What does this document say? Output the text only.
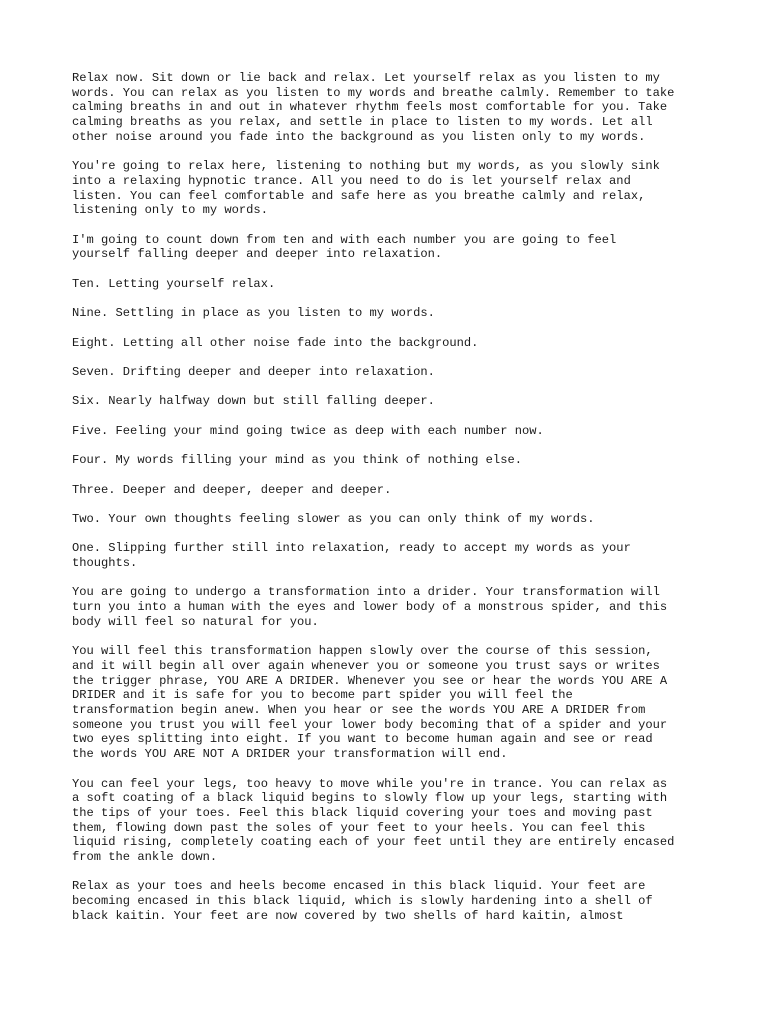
Relax now. Sit down or lie back and relax. Let yourself relax as you listen to my
words. You can relax as you listen to my words and breathe calmly. Remember to take
calming breaths in and out in whatever rhythm feels most comfortable for you. Take
calming breaths as you relax, and settle in place to listen to my words. Let all
other noise around you fade into the background as you listen only to my words.

You're going to relax here, listening to nothing but my words, as you slowly sink
into a relaxing hypnotic trance. All you need to do is let yourself relax and
listen. You can feel comfortable and safe here as you breathe calmly and relax,
listening only to my words.

I'm going to count down from ten and with each number you are going to feel
yourself falling deeper and deeper into relaxation.

Ten. Letting yourself relax.

Nine. Settling in place as you listen to my words.

Eight. Letting all other noise fade into the background.

Seven. Drifting deeper and deeper into relaxation.

Six. Nearly halfway down but still falling deeper.

Five. Feeling your mind going twice as deep with each number now.

Four. My words filling your mind as you think of nothing else.

Three. Deeper and deeper, deeper and deeper.

Two. Your own thoughts feeling slower as you can only think of my words.

One. Slipping further still into relaxation, ready to accept my words as your
thoughts.

You are going to undergo a transformation into a drider. Your transformation will
turn you into a human with the eyes and lower body of a monstrous spider, and this
body will feel so natural for you.

You will feel this transformation happen slowly over the course of this session,
and it will begin all over again whenever you or someone you trust says or writes
the trigger phrase, YOU ARE A DRIDER. Whenever you see or hear the words YOU ARE A
DRIDER and it is safe for you to become part spider you will feel the
transformation begin anew. When you hear or see the words YOU ARE A DRIDER from
someone you trust you will feel your lower body becoming that of a spider and your
two eyes splitting into eight. If you want to become human again and see or read
the words YOU ARE NOT A DRIDER your transformation will end.

You can feel your legs, too heavy to move while you're in trance. You can relax as
a soft coating of a black liquid begins to slowly flow up your legs, starting with
the tips of your toes. Feel this black liquid covering your toes and moving past
them, flowing down past the soles of your feet to your heels. You can feel this
liquid rising, completely coating each of your feet until they are entirely encased
from the ankle down.

Relax as your toes and heels become encased in this black liquid. Your feet are
becoming encased in this black liquid, which is slowly hardening into a shell of
black kaitin. Your feet are now covered by two shells of hard kaitin, almost
